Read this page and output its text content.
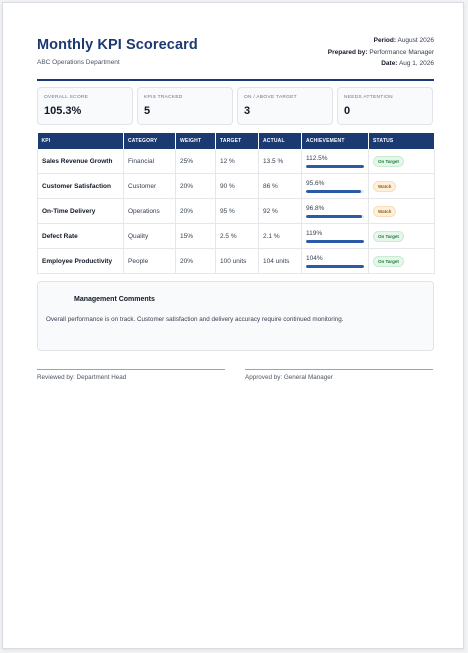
Monthly KPI Scorecard
ABC Operations Department
Period: August 2026
Prepared by: Performance Manager
Date: Aug 1, 2026
OVERALL SCORE
105.3%
KPIS TRACKED
5
ON / ABOVE TARGET
3
NEEDS ATTENTION
0
KPI	CATEGORY	WEIGHT	TARGET	ACTUAL	ACHIEVEMENT	STATUS
Sales Revenue Growth	Financial	25%	12 %	13.5 %	112.5%	On Target
Customer Satisfaction	Customer	20%	90 %	86 %	95.6%	Watch
On-Time Delivery	Operations	20%	95 %	92 %	96.8%	Watch
Defect Rate	Quality	15%	2.5 %	2.1 %	119%	On Target
Employee Productivity	People	20%	100 units	104 units	104%	On Target
Management Comments
Overall performance is on track. Customer satisfaction and delivery accuracy require continued monitoring.
Reviewed by: Department Head	Approved by: General Manager
